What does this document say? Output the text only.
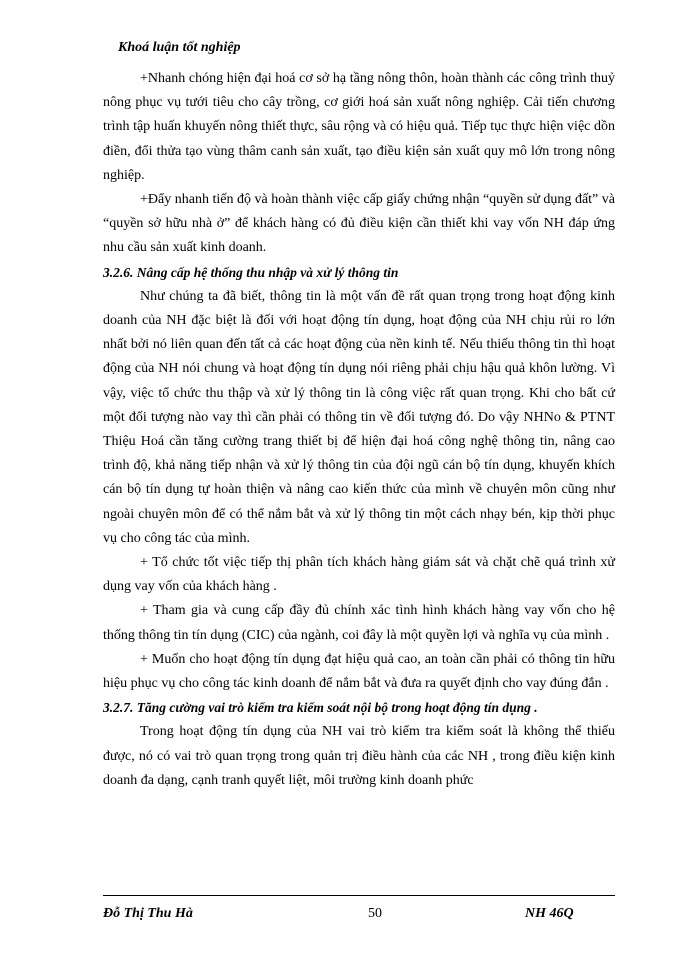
Khoá luận tốt nghiệp

+Nhanh chóng hiện đại hoá cơ sở hạ tầng nông thôn, hoàn thành các công trình thuỷ nông phục vụ tưới tiêu cho cây trồng, cơ giới hoá sản xuất nông nghiệp. Cải tiến chương trình tập huấn khuyến nông thiết thực, sâu rộng và có hiệu quả. Tiếp tục thực hiện việc dồn điền, đổi thửa tạo vùng thâm canh sản xuất, tạo điều kiện sản xuất quy mô lớn trong nông nghiệp.

+Đẩy nhanh tiến độ và hoàn thành việc cấp giấy chứng nhận “quyền sử dụng đất” và “quyền sở hữu nhà ở” để khách hàng có đủ điều kiện cần thiết khi vay vốn NH đáp ứng nhu cầu sản xuất kinh doanh.

3.2.6. Nâng cấp hệ thống thu nhập và xử lý thông tin

Như chúng ta đã biết, thông tin là một vấn đề rất quan trọng trong hoạt động kinh doanh của NH đặc biệt là đối với hoạt động tín dụng, hoạt động của NH chịu rủi ro lớn nhất bởi nó liên quan đến tất cả các hoạt động của nền kinh tế. Nếu thiếu thông tin thì hoạt động của NH nói chung và hoạt động tín dụng nói riêng phải chịu hậu quả khôn lường. Vì vậy, việc tổ chức thu thập và xử lý thông tin là công việc rất quan trọng. Khi cho bất cứ một đối tượng nào vay thì cần phải có thông tin về đối tượng đó. Do vậy NHNo & PTNT Thiệu Hoá cần tăng cường trang thiết bị để hiện đại hoá công nghệ thông tin, nâng cao trình độ, khả năng tiếp nhận và xử lý thông tin của đội ngũ cán bộ tín dụng, khuyến khích cán bộ tín dụng tự hoàn thiện và nâng cao kiến thức của mình về chuyên môn cũng như ngoài chuyên môn để có thể nắm bắt và xử lý thông tin một cách nhạy bén, kịp thời phục vụ cho công tác của mình.

+ Tổ chức tốt việc tiếp thị phân tích khách hàng giám sát và chặt chẽ quá trình xử dụng vay vốn của khách hàng .

+ Tham gia và cung cấp đầy đủ chính xác tình hình khách hàng vay vốn cho hệ thống thông tin tín dụng (CIC) của ngành, coi đây là một quyền lợi và nghĩa vụ của mình .

+ Muốn cho hoạt động tín dụng đạt hiệu quả cao, an toàn cần phải có thông tin hữu hiệu phục vụ cho công tác kinh doanh để nắm bắt và đưa ra quyết định cho vay đúng đắn .

3.2.7. Tăng cường vai trò kiểm tra kiểm soát nội bộ trong hoạt động tín dụng .

Trong hoạt động tín dụng của NH vai trò kiểm tra kiểm soát là không thể thiếu được, nó có vai trò quan trọng trong quản trị điều hành của các NH , trong điều kiện kinh doanh đa dạng, cạnh tranh quyết liệt, môi trường kinh doanh phức

Đỗ Thị Thu Hà	50	NH 46Q
